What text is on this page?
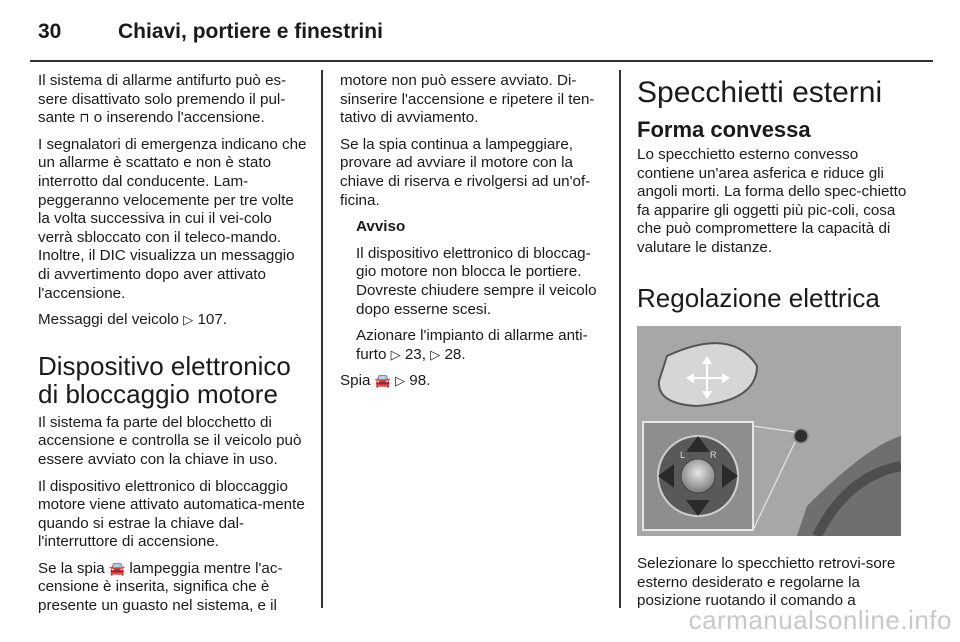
30	Chiavi, portiere e finestrini

Il sistema di allarme antifurto può es-sere disattivato solo premendo il pul-sante ⊓ o inserendo l'accensione.

I segnalatori di emergenza indicano che un allarme è scattato e non è stato interrotto dal conducente. Lam-peggeranno velocemente per tre volte la volta successiva in cui il vei-colo verrà sbloccato con il teleco-mando. Inoltre, il DIC visualizza un messaggio di avvertimento dopo aver attivato l'accensione.

Messaggi del veicolo ▷ 107.

Dispositivo elettronico di bloccaggio motore

Il sistema fa parte del blocchetto di accensione e controlla se il veicolo può essere avviato con la chiave in uso.

Il dispositivo elettronico di bloccaggio motore viene attivato automatica-mente quando si estrae la chiave dal-l'interruttore di accensione.

Se la spia 🚘 lampeggia mentre l'ac-censione è inserita, significa che è presente un guasto nel sistema, e il

motore non può essere avviato. Di-sinserire l'accensione e ripetere il ten-tativo di avviamento.

Se la spia continua a lampeggiare, provare ad avviare il motore con la chiave di riserva e rivolgersi ad un'of-ficina.

Avviso

Il dispositivo elettronico di bloccag-gio motore non blocca le portiere. Dovreste chiudere sempre il veicolo dopo esserne scesi.

Azionare l'impianto di allarme anti-furto ▷ 23, ▷ 28.

Spia 🚘 ▷ 98.

Specchietti esterni
Forma convessa

Lo specchietto esterno convesso contiene un'area asferica e riduce gli angoli morti. La forma dello spec-chietto fa apparire gli oggetti più pic-coli, cosa che può compromettere la capacità di valutare le distanze.

Regolazione elettrica
L	R

Selezionare lo specchietto retrovi-sore esterno desiderato e regolarne la posizione ruotando il comando a

carmanualsonline.info
